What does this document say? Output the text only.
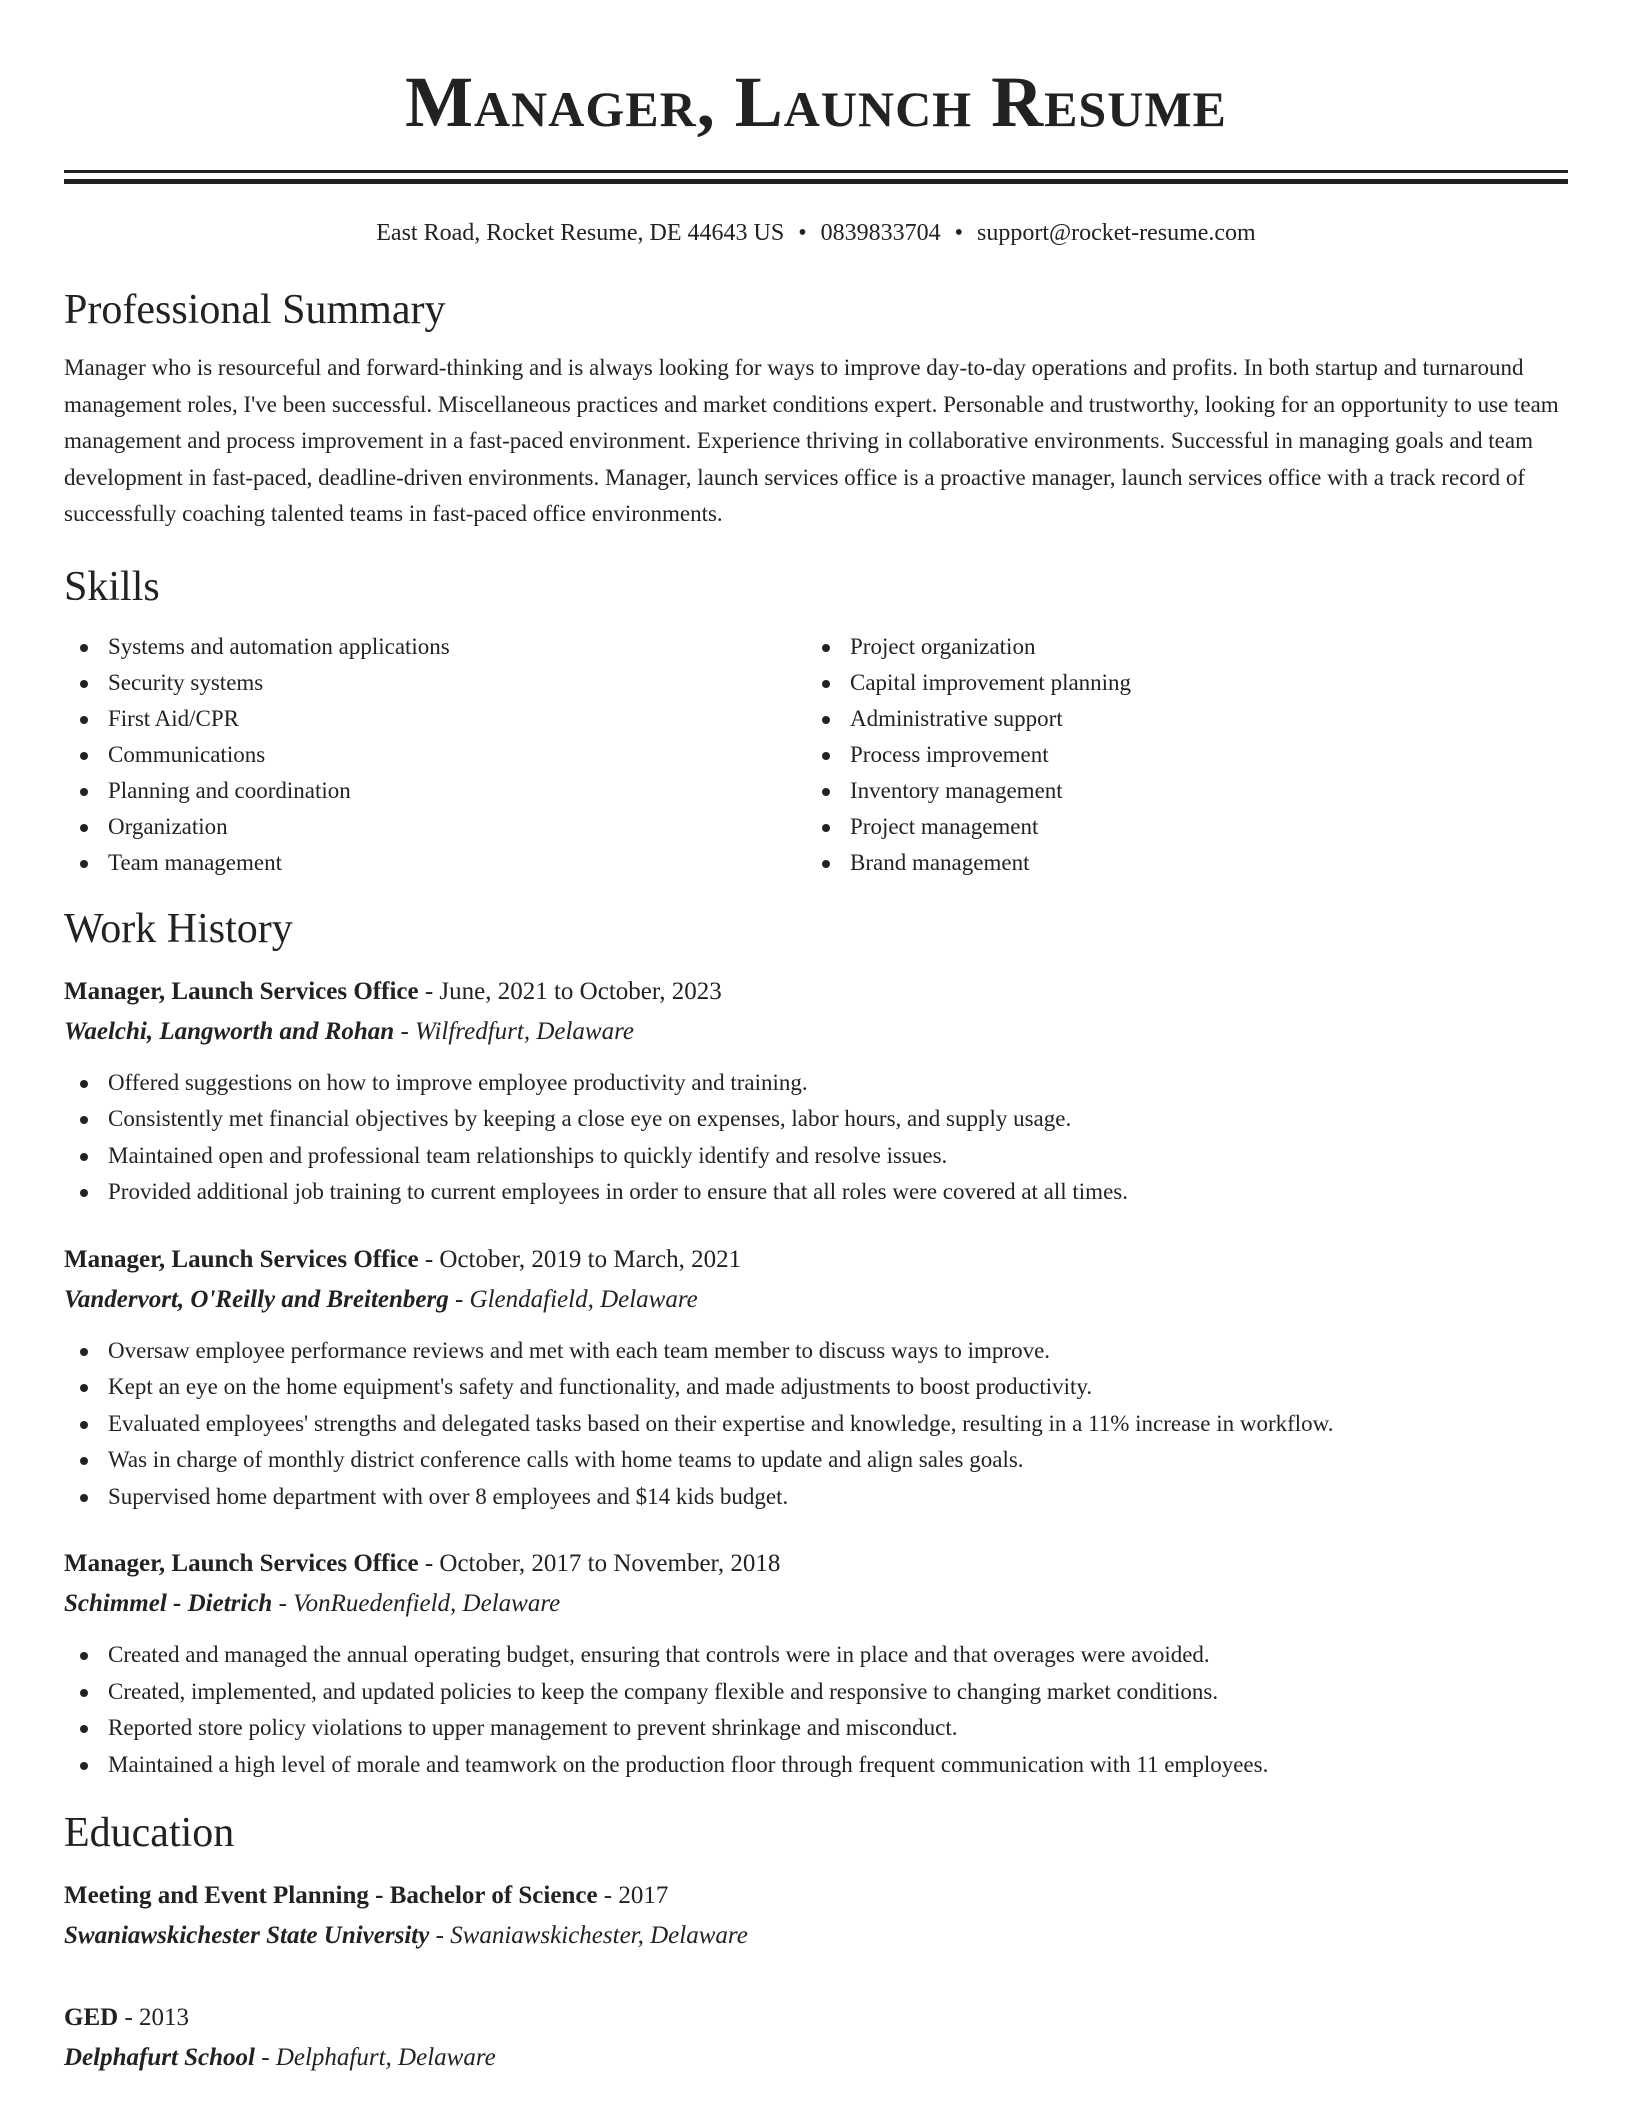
Manager, Launch Resume
East Road, Rocket Resume, DE 44643 US • 0839833704 • support@rocket-resume.com
Professional Summary

Manager who is resourceful and forward-thinking and is always looking for ways to improve day-to-day operations and profits. In both startup and turnaround management roles, I've been successful. Miscellaneous practices and market conditions expert. Personable and trustworthy, looking for an opportunity to use team management and process improvement in a fast-paced environment. Experience thriving in collaborative environments. Successful in managing goals and team development in fast-paced, deadline-driven environments. Manager, launch services office is a proactive manager, launch services office with a track record of successfully coaching talented teams in fast-paced office environments.

Skills
Systems and automation applications
Security systems
First Aid/CPR
Communications
Planning and coordination
Organization
Team management
Project organization
Capital improvement planning
Administrative support
Process improvement
Inventory management
Project management
Brand management
Work History
Manager, Launch Services Office - June, 2021 to October, 2023
Waelchi, Langworth and Rohan - Wilfredfurt, Delaware
Offered suggestions on how to improve employee productivity and training.
Consistently met financial objectives by keeping a close eye on expenses, labor hours, and supply usage.
Maintained open and professional team relationships to quickly identify and resolve issues.
Provided additional job training to current employees in order to ensure that all roles were covered at all times.
Manager, Launch Services Office - October, 2019 to March, 2021
Vandervort, O'Reilly and Breitenberg - Glendafield, Delaware
Oversaw employee performance reviews and met with each team member to discuss ways to improve.
Kept an eye on the home equipment's safety and functionality, and made adjustments to boost productivity.
Evaluated employees' strengths and delegated tasks based on their expertise and knowledge, resulting in a 11% increase in workflow.
Was in charge of monthly district conference calls with home teams to update and align sales goals.
Supervised home department with over 8 employees and $14 kids budget.
Manager, Launch Services Office - October, 2017 to November, 2018
Schimmel - Dietrich - VonRuedenfield, Delaware
Created and managed the annual operating budget, ensuring that controls were in place and that overages were avoided.
Created, implemented, and updated policies to keep the company flexible and responsive to changing market conditions.
Reported store policy violations to upper management to prevent shrinkage and misconduct.
Maintained a high level of morale and teamwork on the production floor through frequent communication with 11 employees.
Education
Meeting and Event Planning - Bachelor of Science - 2017
Swaniawskichester State University - Swaniawskichester, Delaware
GED - 2013
Delphafurt School - Delphafurt, Delaware
